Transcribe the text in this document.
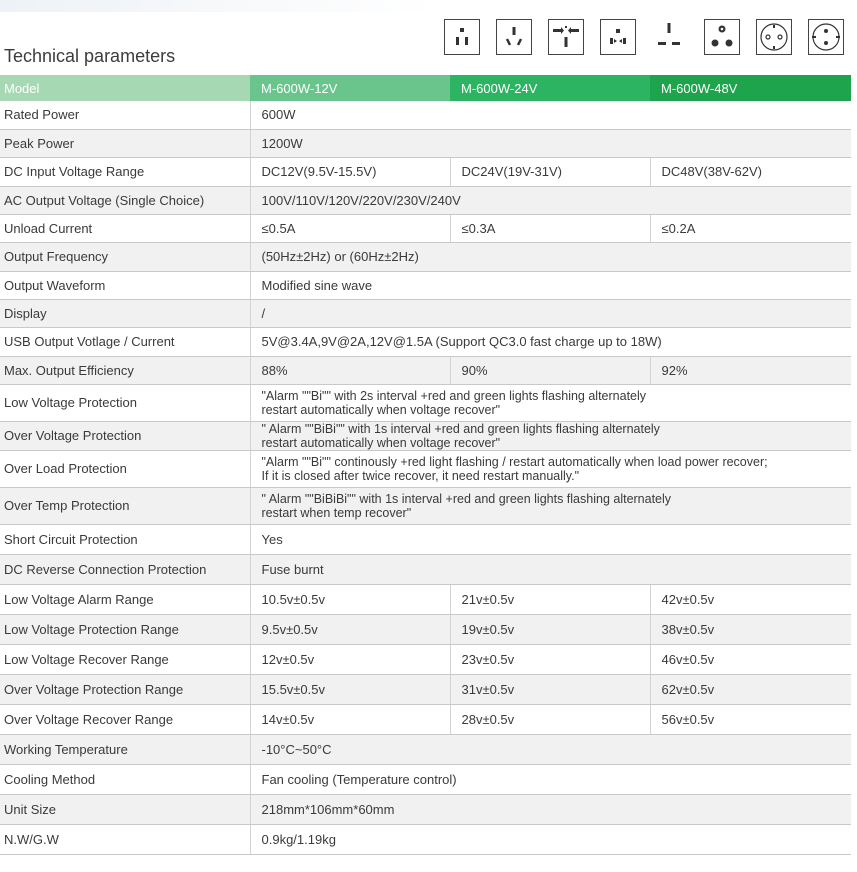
Technical parameters
Model	M-600W-12V	M-600W-24V	M-600W-48V
Rated Power	600W		
Peak Power	1200W		
DC Input Voltage Range	DC12V(9.5V-15.5V)	DC24V(19V-31V)	DC48V(38V-62V)
AC Output Voltage (Single Choice)	100V/110V/120V/220V/230V/240V		
Unload Current	≤0.5A	≤0.3A	≤0.2A
Output Frequency	(50Hz±2Hz) or (60Hz±2Hz)		
Output Waveform	Modified sine wave		
Display	/		
USB Output Votlage / Current	5V@3.4A,9V@2A,12V@1.5A (Support QC3.0 fast charge up to 18W)		
Max. Output Efficiency	88%	90%	92%
Low Voltage Protection	"Alarm ""Bi"" with 2s interval +red and green lights flashing alternately
restart automatically when voltage recover"		
Over Voltage Protection	" Alarm ""BiBi"" with 1s interval +red and green lights flashing alternately
restart automatically when voltage recover"		
Over Load Protection	"Alarm ""Bi"" continously +red light flashing / restart automatically when load power recover;
If it is closed after twice recover, it need restart manually."		
Over Temp Protection	" Alarm ""BiBiBi"" with 1s interval +red and green lights flashing alternately
restart when temp recover"		
Short Circuit Protection	Yes		
DC Reverse Connection Protection	Fuse burnt		
Low Voltage Alarm Range	10.5v±0.5v	21v±0.5v	42v±0.5v
Low Voltage Protection Range	9.5v±0.5v	19v±0.5v	38v±0.5v
Low Voltage Recover Range	12v±0.5v	23v±0.5v	46v±0.5v
Over Voltage Protection Range	15.5v±0.5v	31v±0.5v	62v±0.5v
Over Voltage Recover Range	14v±0.5v	28v±0.5v	56v±0.5v
Working Temperature	-10°C~50°C		
Cooling Method	Fan cooling (Temperature control)		
Unit Size	218mm*106mm*60mm		
N.W/G.W	0.9kg/1.19kg		
